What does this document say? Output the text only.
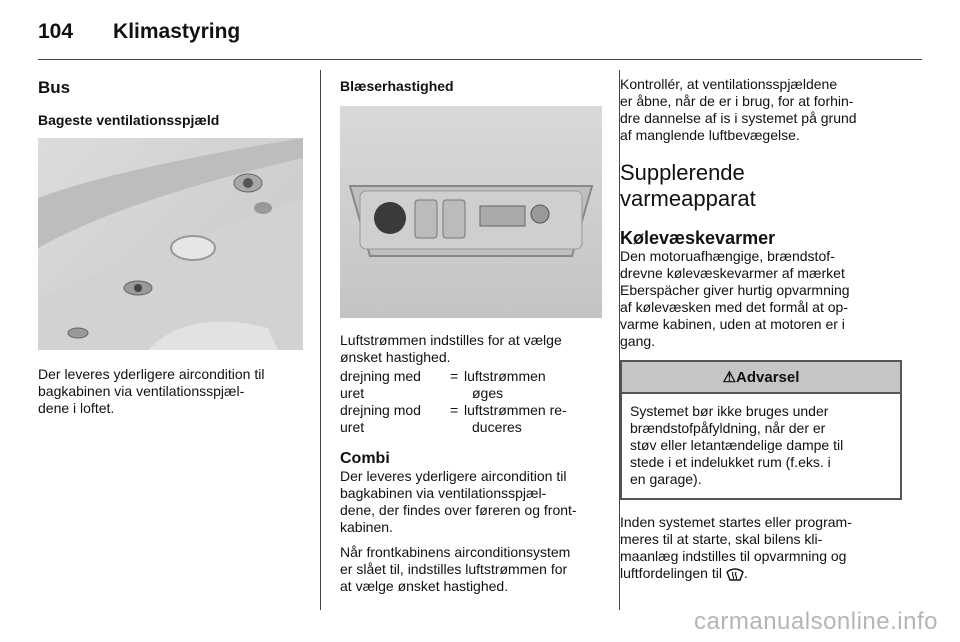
104 Klimastyring
Bus
Bageste ventilationsspjæld
Der leveres yderligere aircondition til
bagkabinen via ventilationsspjæl-
dene i loftet.
Blæserhastighed
Luftstrømmen indstilles for at vælge
ønsket hastighed.
drejning med
uret
= luftstrømmen
øges
drejning mod
uret
= luftstrømmen re-
duceres
Combi
Der leveres yderligere aircondition til
bagkabinen via ventilationsspjæl-
dene, der findes over føreren og front-
kabinen.
Når frontkabinens airconditionsystem
er slået til, indstilles luftstrømmen for
at vælge ønsket hastighed.
Kontrollér, at ventilationsspjældene
er åbne, når de er i brug, for at forhin-
dre dannelse af is i systemet på grund
af manglende luftbevægelse.
Supplerende
varmeapparat
Kølevæskevarmer
Den motoruafhængige, brændstof-
drevne kølevæskevarmer af mærket
Eberspächer giver hurtig opvarmning
af kølevæsken med det formål at op-
varme kabinen, uden at motoren er i
gang.
⚠Advarsel
Systemet bør ikke bruges under
brændstofpåfyldning, når der er
støv eller letantændelige dampe til
stede i et indelukket rum (f.eks. i
en garage).
Inden systemet startes eller program-
meres til at starte, skal bilens kli-
maanlæg indstilles til opvarmning og
luftfordelingen til .
carmanualsonline.info
